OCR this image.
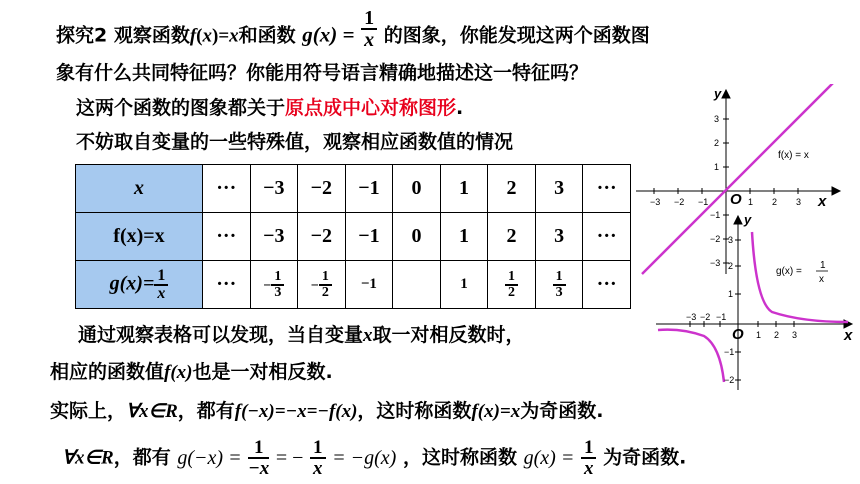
探究2 观察函数f(x)=x和函数 $g(x) = \frac{1}{x}$ 的图象，你能发现这两个函数图
象有什么共同特征吗？你能用符号语言精确地描述这一特征吗？
这两个函数的图象都关于原点成中心对称图形.
不妨取自变量的一些特殊值，观察相应函数值的情况
x	···	−3	−2	−1	0	1	2	3	···
f(x)=x	···	−3	−2	−1	0	1	2	3	···
$g(x)= \frac{1}{x}$	···	− $\frac{1}{3}$	− $\frac{1}{2}$	−1		1	$\frac{1}{2}$	$\frac{1}{3}$	···
−3 −2 −1	1 2 3
3
2
1
−1
−2
−3
f(x) = x
O	x
y
−3 −2 −1
1 2 3
3
2
1
−1
−2
g(x) =
1
x
O	x
y
通过观察表格可以发现，当自变量x取一对相反数时，
相应的函数值f(x)也是一对相反数.
实际上，∀x∈R，都有f(−x)=−x=−f(x)，这时称函数f(x)=x为奇函数.
∀x∈R，都有 $g(-x) = \frac{1}{-x}$ = − $\frac{1}{x} = -g(x)$ ，这时称函数 $g(x) = \frac{1}{x}$ 为奇函数.
